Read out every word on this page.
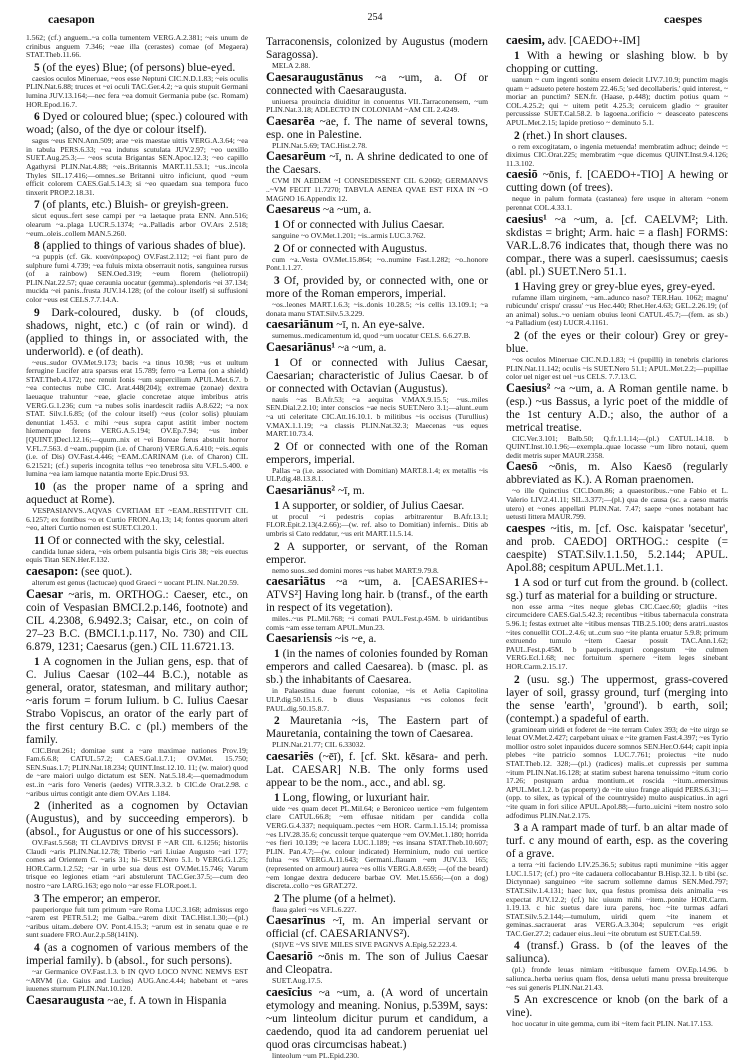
caesapon	254	caespes

1.562; (cf.) anguem..~a colla tumentem VERG.A.2.381; ~eis unum de crinibus anguem 7.346; ~eae illa (cerastes) comae (of Megaera) STAT.Theb.11.66.

5 (of the eyes) Blue; (of persons) blue-eyed.

caesios oculos Mineruae, ~eos esse Neptuni CIC.N.D.1.83; ~eis oculis PLIN.Nat.6.88; truces et ~ei oculi TAC.Ger.4.2; ~a quis stupuit Germani lumina JUV.13.164;—nec fera ~ea domuit Germania pube (sc. Romam) HOR.Epod.16.7.

6 Dyed or coloured blue; (spec.) coloured with woad; (also, of the dye or colour itself).

sagus ~eus ENN.Ann.509; arae ~eis maestae uittis VERG.A.3.64; ~ea in tabula PERS.6.33; ~ea indutus scutulata JUV.2.97; ~eo uexillo SUET.Aug.25.3;— ~eos scuta Brigantas SEN.Apoc.12.3; ~eo capillo Agathyrsi PLIN.Nat.4.88; ~eis..Britannis MART.11.53.1; ~us..incola Thyles SIL.17.416;—omnes..se Britanni uitro inficiunt, quod ~eum efficit colorem CAES.Gal.5.14.3; si ~eo quaedam sua tempora fuco tinxerit PROP.2.18.31.

7 (of plants, etc.) Bluish- or greyish-green.

sicut equus..fert sese campi per ~a laetaque prata ENN. Ann.516; olearum ~a..plaga LUCR.5.1374; ~a..Palladis arbor OV.Ars 2.518; ~eum..oleis..collem MAN.5.260.

8 (applied to things of various shades of blue).

~a puppis (cf. Gk. κυανόπρωρος) OV.Fast.2.112; ~ei fiant puro de sulphure fumi 4.739; ~ea fuluis mixta obserrauit notis, sanguinea rursus (of a rainbow) SEN.Oed.319; ~eum florem (heliotropii) PLIN.Nat.22.57; quae ceraunia uocatur (gemma)..splendoris ~ei 37.134; mucida ~ei panis..frusta JUV.14.128; (of the colour itself) si suffusioni color ~eus est CELS.7.7.14.A.

9 Dark-coloured, dusky. b (of clouds, shadows, night, etc.) c (of rain or wind). d (applied to things in, or associated with, the underworld). e (of death).

~eus..sudor OV.Met.9.173; bacis ~a tinus 10.98; ~us et uultum ferrugine Lucifer atra sparsus erat 15.789; ferro ~a Lerna (on a shield) STAT.Theb.4.172; nec renuit Ionis ~um supercilium APUL.Met.6.7. b ~ea contectus nube CIC. Arat.448(204); extremae (zonae) dextra laeuaque trahuntur ~eae, glacie concretae atque imbribus atris VERG.G.1.236; cum ~a nubes solis inardescit radiis A.8.622; ~a nox STAT. Silv.1.6.85; (of the colour itself) ~eus (color solis) pluuiam denuntiat 1.453. c mihi ~eus supra caput astitit imber noctem hiememque ferens VERG.A.5.194; OV.Ep.7.94; ~us imber [QUINT.]Decl.12.16;—quum..nix et ~ei Boreae ferus abstulit horror V.FL.7.563. d ~eam..puppim (i.e. of Charon) VERG.A.6.410; ~eis..equis (i.e. of Dis) OV.Fast.4.446; ~EAM..CARINAM (i.e. of Charon) CIL 6.21521; (cf.) superis incognita tellus ~eo tenebrosa situ V.FL.5.400. e lumina ~ea iam iamque natantia morte Epic.Drusi 93.

10 (as the proper name of a spring and aqueduct at Rome).

VESPASIANVS..AQVAS CVRTIAM ET ~EAM..RESTITVIT CIL 6.1257; ex fontibus ~o et Curtio FRON.Aq.13; 14; fontes quorum alteri ~eo, alteri Curtio nomen est SUET.Cl.20.1.

11 Of or connected with the sky, celestial.

candida lunae sidera, ~eis orbem pulsantia bigis Ciris 38; ~eis euectus equis Titan SEN.Her.F.132.

caesapon: (see quot.).

alterum est genus (lactucae) quod Graeci ~ uocant PLIN. Nat.20.59.

Caesar ~aris, m. ORTHOG.: Caeser, etc., on coin of Vespasian BMCI.2.p.146, footnote) and CIL 4.2308, 6.9492.3; Caisar, etc., on coin of 27–23 B.C. (BMCI.1.p.117, No. 730) and CIL 6.879, 1231; Caesarus (gen.) CIL 11.6721.13.

1 A cognomen in the Julian gens, esp. that of C. Julius Caesar (102–44 B.C.), notable as general, orator, statesman, and military author; ~aris forum = forum Iulium. b C. Iulius Caesar Strabo Vopiscus, an orator of the early part of the first century B.C. c (pl.) members of the family.

CIC.Brut.261; domitae sunt a ~are maximae nationes Prov.19; Fam.6.6.8; CATUL.57.2; CAES.Gal.1.7.1; OV.Met. 15.750; SEN.Suas.1.7; PLIN.Nat.18.234; QUINT.Inst.12.10. 11; (w. maior) quod de ~are maiori uulgo dictatum est SEN. Nat.5.18.4;—quemadmodum est..in ~aris foro Veneris (aedes) VITR.3.3.2. b CIC.de Orat.2.98. c ~aribus uirtus contigit ante diem OV.Ars 1.184.

2 (inherited as a cognomen by Octavian (Augustus), and by succeeding emperors). b (absol., for Augustus or one of his successors).

OV.Fast.5.568; TI CLAVDIVS DRVSI F ~AR CIL 6.1256; historiis Claudi ~aris PLIN.Nat.12.78; Tiberio ~ari Liuiae Augusto ~ari 177; comes ad Orientem C. ~aris 31; hi- SUET.Nero 5.1. b VERG.G.1.25; HOR.Carm.1.2.52; ~ar in urbe sua deus est OV.Met.15.746; Varum trisque eo legiones etiam ~ari abstulerunt TAC.Ger.37.5;—cum deo nostro ~are LARG.163; ego nolo ~ar esse FLOR.poet.1.

3 The emperor; an emperor.

pauperiorque fuit tum primum ~are Roma LUC.3.168; admissus ergo ~arem est PETR.51.2; me Galba..~arem dixit TAC.Hist.1.30;—(pl.) ~aribus uitam..debere OV. Pont.4.15.3; ~arum est in senatu quae e re sunt suadere FRO.Aur.2.p.58(141N).

4 (as a cognomen of various members of the imperial family). b (absol., for such persons).

~ar Germanice OV.Fast.1.3. b IN QVO LOCO NVNC NEMVS EST ~ARVM (i.e. Gaius and Lucius) AUG.Anc.4.44; habebant et ~ares iuuenes sturnum PLIN.Nat.10.120.

Caesaraugusta ~ae, f. A town in Hispania

Tarraconensis, colonized by Augustus (modern Saragossa).

MELA 2.88.

Caesaraugustānus ~a ~um, a. Of or connected with Caesaraugusta.

uniuersa prouincia diuiditur in conuentus VII..Tarraconensem, ~um PLIN.Nat.3.18; ADLECTO IN COLONIAM ~AM CIL 2.4249.

Caesarēa ~ae, f. The name of several towns, esp. one in Palestine.

PLIN.Nat.5.69; TAC.Hist.2.78.

Caesarēum ~ī, n. A shrine dedicated to one of the Caesars.

CVM IN AEDEM ~I CONSEDISSENT CIL 6.2060; GERMANVS ..~VM FECIT 11.7270; TABVLA AENEA QVAE EST FIXA IN ~O MAGNO 16.Appendix 12.

Caesareus ~a ~um, a.

1 Of or connected with Julius Caesar.

sanguine ~o OV.Met.1.201; ~is..armis LUC.3.762.

2 Of or connected with Augustus.

cum ~a..Vesta OV.Met.15.864; ~o..numine Fast.1.282; ~o..honore Pont.1.1.27.

3 Of, provided by, or connected with, one or more of the Roman emperors, imperial.

~os..leones MART.1.6.3; ~is..donis 10.28.5; ~is cellis 13.109.1; ~a donata manu STAT.Silv.5.3.229.

caesariānum ~ī, n. An eye-salve.

sumemus..medicamentum id, quod ~um uocatur CELS. 6.6.27.B.

Caesariānus¹ ~a ~um, a.

1 Of or connected with Julius Caesar, Caesarian; characteristic of Julius Caesar. b of or connected with Octavian (Augustus).

nauis ~as B.Afr.53; ~a aequitas V.MAX.9.15.5; ~us..miles SEN.Dial.2.2.10; inter conscios ~ae necis SUET.Nero 3.1;—alunt..eum ~a uti celeritate CIC.Att.16.10.1. b militibus ~is occisus (Turullius) V.MAX.1.1.19; ~a classis PLIN.Nat.32.3; Maecenas ~us eques MART.10.73.4.

2 Of or connected with one of the Roman emperors, imperial.

Pallas ~a (i.e. associated with Domitian) MART.8.1.4; ex metallis ~is ULP.dig.48.13.8.1.

Caesariānus² ~ī, m.

1 A supporter, or soldier, of Julius Caesar.

ut procul ~i pedestris copias arbitrarentur B.Afr.13.1; FLOR.Epit.2.13(4.2.66);—(w. ref. also to Domitian) infernis.. Ditis ab umbris si Cato reddatur, ~us erit MART.11.5.14.

2 A supporter, or servant, of the Roman emperor.

nemo suos..sed domini mores ~us habet MART.9.79.8.

caesariātus ~a ~um, a. [CAESARIES+-ATVS²] Having long hair. b (transf., of the earth in respect of its vegetation).

miles..~us PL.Mil.768; ~i comati PAUL.Fest.p.45M. b uiridantibus comis ~am esse terram APUL.Mun.23.

Caesariensis ~is ~e, a.

1 (in the names of colonies founded by Roman emperors and called Caesarea). b (masc. pl. as sb.) the inhabitants of Caesarea.

in Palaestina duae fuerunt coloniae, ~is et Aelia Capitolina ULP.dig.50.15.1.6. b diuus Vespasianus ~es colonos fecit PAUL.dig.50.15.8.7.

2 Mauretania ~is, The Eastern part of Mauretania, containing the town of Caesarea.

PLIN.Nat.21.77; CIL 6.33032.

caesariēs (~ēī), f. [cf. Skt. kēsara- and perh. Lat. CAESAR] N.B. The only forms used appear to be the nom., acc., and abl. sg.

1 Long, flowing, or luxuriant hair.

uide ~es quam decet PL.Mil.64; e Beroniceo uertice ~em fulgentem clare CATUL.66.8; ~em effusae nitidam per candida colla VERG.G.4.337; nequiquam..pectes ~em HOR. Carm.1.15.14; promissa ~es LIV.28.35.6; concussit terque quaterque ~em OV.Met.1.180; horrida ~es fieri 10.139; ~e lacera LUC.1.189; ~es insana STAT.Theb.10.607; PLIN. Pan.4.7;—(w. colour indicated) Herminium, nudo cui uertice fulua ~es VERG.A.11.643; Germani..flauam ~em JUV.13. 165; (represented on armour) aurea ~es ollis VERG.A.8.659; —(of the beard) ~em longae dextra deducere barbae OV. Met.15.656;—(on a dog) discreta..collo ~es GRAT.272.

2 The plume (of a helmet).

flaua galeri ~es V.FL.6.227.

Caesarīnus ~ī, m. An imperial servant or official (cf. CAESARIANVS²).

(SI)VE ~VS SIVE MILES SIVE PAGNVS A.Epig.52.223.4.

Caesariō ~ōnis m. The son of Julius Caesar and Cleopatra.

SUET.Aug.17.5.

caesīcius ~a ~um, a. (A word of uncertain etymology and meaning. Nonius, p.539M, says: ~um linteolum dicitur purum et candidum, a caedendo, quod ita ad candorem perueniat uel quod oras circumcisas habeat.)

linteolum ~um PL.Epid.230.

caesim, adv. [CAEDO+-IM]

1 With a hewing or slashing blow. b by chopping or cutting.

uanum ~ cum ingenti sonitu ensem deiecit LIV.7.10.9; punctim magis quam ~ adsueto petere hostem 22.46.5; 'sed decollaberis.' quid interest, ~ moriar an punctim? SEN.fr. (Haase, p.448); ductim potius quam ~ COL.4.25.2; qui ~ uitem petit 4.25.3; ceruicem gladio ~ grauiter percussisse SUET.Cal.58.2. b lagoena..orificio ~ deasceato patescens APUL.Met.2.15; lapide pretioso ~ deminuto 5.1.

2 (rhet.) In short clauses.

o rem excogitatam, o ingenia metuenda! membratim adhuc; deinde ~: diximus CIC.Orat.225; membratim ~que dicemus QUINT.Inst.9.4.126; 11.3.102.

caesiō ~ōnis, f. [CAEDO+-TIO] A hewing or cutting down (of trees).

neque in palum formata (castanea) fere usque in alteram ~onem perennat COL.4.33.1.

caesius¹ ~a ~um, a. [cf. CAELVM²; Lith. skdistas = bright; Arm. haic = a flash] FORMS: VAR.L.8.76 indicates that, though there was no compar., there was a superl. caesissumus; caesis (abl. pl.) SUET.Nero 51.1.

1 Having grey or grey-blue eyes, grey-eyed.

rufamne illam uirginem, ~am..adunco naso? TER.Hau. 1062; magnu' rubicundu' crispu' crassu' ~us Hec.440; Rhet.Her.4.63; GEL.2.26.19; (of an animal) solus..~o ueniam obuius leoni CATUL.45.7;—(fem. as sb.) ~a Palladium (est) LUCR.4.1161.

2 (of the eyes or their colour) Grey or grey-blue.

~os oculos Mineruae CIC.N.D.1.83; ~i (pupilli) in tenebris clariores PLIN.Nat.11.142; oculis ~is SUET.Nero 51.1; APUL.Met.2.2;—pupillae color uel niger est uel ~us CELS. 7.7.13.C.

Caesius² ~a ~um, a. A Roman gentile name. b (esp.) ~us Bassus, a lyric poet of the middle of the 1st century A.D.; also, the author of a metrical treatise.

CIC.Ver.3.101; Balb.50; Q.fr.1.1.14;—(pl.) CATUL.14.18. b QUINT.Inst.10.1.96;—exempla..quae locasse ~um libro notaui, quem dedit metris super MAUR.2358.

Caesō ~ōnis, m. Also Kaesō (regularly abbreviated as K.). A Roman praenomen.

~o ille Quinctius CIC.Dom.86; a quaestoribus..~one Fabio et L. Valerio LIV.2.41.11; SIL.3.377;—(pl.) qua de causa (sc. a caeso matris utero) et ~ones appellati PLIN.Nat. 7.47; saepe ~ones notabant hac uetusti littera MAUR.799.

caespes ~itis, m. [cf. Osc. kaispatar 'secetur', and prob. CAEDO] ORTHOG.: cespite (= caespite) STAT.Silv.1.1.50, 5.2.144; APUL. Apol.88; cespitum APUL.Met.1.1.

1 A sod or turf cut from the ground. b (collect. sg.) turf as material for a building or structure.

non esse arma ~ites neque glebas CIC.Caec.60; gladiis ~ites circumcidere CAES.Gal.5.42.3; recentibus ~itibus tabernacula constrata 5.96.1; festas extruet alte ~itibus mensas TIB.2.5.100; dens aratri..uastos ~ites conuellit COL.2.4.6; ut..cum suo ~ite planta eruatur 5.9.8; primum extruendo tumulo ~item Caesar posuit TAC.Ann.1.62; PAUL.Fest.p.45M. b pauperis..tuguri congestum ~ite culmen VERG.Ecl.1.68; nec fortuitum spernere ~item leges sinebant HOR.Carm.2.15.17.

2 (usu. sg.) The uppermost, grass-covered layer of soil, grassy ground, turf (merging into the sense 'earth', 'ground'). b earth, soil; (contempt.) a spadeful of earth.

gramineam uiridi et foderet de ~ite terram Culex 393; de ~ite uirgo se leuat OV.Met.2.427; carpebant uiuax e ~ite gramen Fast.4.397; ~es Tyrio mollior ostro solet inpauidos ducere somnos SEN.Her.O.644; capit inpia plebes ~ite patricio somnos LUC.7.761; proiectus ~ite nudo STAT.Theb.12. 328;—(pl.) (radices) malis..et cupressis per summa ~itum PLIN.Nat.16.128; at statim subest harena tenuissimo ~itum corio 17.26; postquam ardua montium..et roscida ~itum..emersimus APUL.Met.1.2. b (as property) de ~ite uiuo frange aliquid PERS.6.31;—(opp. to silex, as typical of the countryside) multo auspicatius..in agri ~ite quam in fori silice APUL.Apol.88;—furto..uicini ~item nostro solo adfodimus PLIN.Nat.2.175.

3 a A rampart made of turf. b an altar made of turf. c any mound of earth, esp. as the covering of a grave.

a terra ~iti faciendo LIV.25.36.5; subitus rapti munimine ~itis agger LUC.1.517; (cf.) pro ~ite cadauera collocabantur B.Hisp.32.1. b tibi (sc. Dictynnae) sanguineo ~ite sacrum sollemne damus SEN.Med.797; STAT.Silv.1.4.131; haec lux, qua festus promissa deis animalia ~es expectat JUV.12.2; (cf.) hic uiuum mihi ~item..ponite HOR.Carm. 1.19.13. c hic suetus dare iura parens, hoc ~ite turmas adfari STAT.Silv.5.2.144;—tumulum, uiridi quem ~ite inanem et geminas..sacrauerat aras VERG.A.3.304; sepulcrum ~es erigit TAC.Ger.27.2; cadauer eius..leui ~ite obrutum est SUET.Cal.59.

4 (transf.) Grass. b (of the leaves of the saliunca).

(pl.) fronde leuas nimiam ~itibusque famem OV.Ep.14.96. b saliunca..herba uerius quam flos, densa ueluti manu pressa breuiterque ~es sui generis PLIN.Nat.21.43.

5 An excrescence or knob (on the bark of a vine).

hoc uocatur in uite gemma, cum ibi ~item facit PLIN. Nat.17.153.
